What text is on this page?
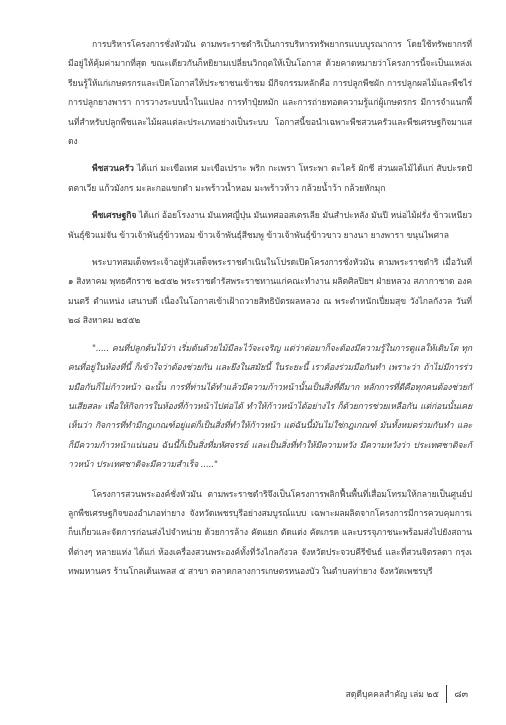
การบริหารโครงการชั่งหัวมัน ตามพระราชดำริเป็นการบริหารทรัพยากรแบบบูรณาการ โดยใช้ทรัพยากรที่มีอยู่ให้คุ้มค่ามากที่สุด ขณะเดียวกันก็หยิยามเปลี่ยนวิกฤตให้เป็นโอกาส ด้วยคาดหมายว่าโครงการนี้จะเป็นแหล่งเรียนรู้ให้แก่เกษตรกรและเปิดโอกาสให้ประชาชนเข้าชม มีกิจกรรมหลักคือ การปลูกพืชผัก การปลูกผลไม้และพืชไร่ การปลูกยางพารา การวางระบบน้ำในแปลง การทำปุ๋ยหมัก และการถ่ายทอดความรู้แก่ผู้เกษตรกร มีการจำแนกพื้นที่สำหรับปลูกพืชและไม้ผลแต่ละประเภทอย่างเป็นระบบ โอกาสนี้ขอนำเฉพาะพืชสวนครัวและพืชเศรษฐกิจมาแสดง

พืชสวนครัว ได้แก่ มะเขือเทศ มะเขือเปราะ พริก กะเพรา โหระพา ตะไคร้ ผักชี ส่วนผลไม้ได้แก่ สับปะรดปัตตาเวีย แก้วมังกร มะละกอแขกดำ มะพร้าวน้ำหอม มะพร้าวห้าว กล้วยน้ำว้า กล้วยหักมุก

พืชเศรษฐกิจ ได้แก่ อ้อยโรงงาน มันเทศญี่ปุ่น มันเทศออสเตรเลีย มันสำปะหลัง มันปี หน่อไม้ฝรั่ง ข้าวเหนียวพันธุ์ซิวแม่จัน ข้าวเจ้าพันธุ์ข้าวหอม ข้าวเจ้าพันธุ์สีชมพู ข้าวเจ้าพันธุ์ข้าวขาว ยางนา ยางพารา ขนุนไพศาล

พระบาทสมเด็จพระเจ้าอยู่หัวเสด็จพระราชดำเนินในโปรดเปิดโครงการชั่งหัวมัน ตามพระราชดำริ เมื่อวันที่ ๑ สิงหาคม พุทธศักราช ๒๕๕๒ พระราชดำรัสพระราชทานแก่คณะทำงาน ผลิตศิลปิยฯ ฝ่ายหลวง สภากาชาด องคมนตรี ตำแหน่ง เสนาบดี เนื่องในโอกาสเข้าเฝ้าถวายสิทธิบัตรผลหลวง ณ พระตำหนักเปี่ยมสุข วังไกลกังวล วันที่ ๒๘ สิงหาคม ๒๕๕๒

"..... คนที่ปลูกต้นไม้ว่า เริ่มต้นด้วยไม้มีละไว้จะเจริญ แต่ว่าต่อมาก็จะต้องมีความรู้ในการดูแลให้เติบโต ทุกคนที่อยู่ในห้องที่นี้ ก็เข้าใจว่าต้องช่วยกัน และยึงในสมัยนี้ ในระยะนี้ เราต้องร่วมมือกันทำ เพราะว่า ถ้าไม่มีการร่วมมือกันก็ไม่ก้าวหน้า ฉะนั้น การที่ท่านได้ทำแล้วมีความก้าวหน้านั้นเป็นสิ่งที่ดีมาก หลักการที่ดีคือทุกคนต้องช่วยกันเสียสละ เพื่อให้กิจการในห้องที่ก้าวหน้าไปต่อได้ ทำให้ก้าวหน้าได้อย่างไร ก็ด้วยการช่วยเหลือกัน แต่ก่อนนั้นเคยเห็นว่า กิจการที่ทำมีกฎเกณฑ์อยู่แต่ก็เป็นสิ่งที่ทำให้ก้าวหน้า แต่ฉันนี้มันไม่ใช่กฎเกณฑ์ มันทั้งหมดร่วมกันทำ และก็มีความก้าวหน้าแน่นอน ฉันนี้ก็เป็นสิ่งที่มหัศจรรย์ และเป็นสิ่งที่ทำให้มีความหวัง มีความหวังว่า ประเทศชาติจะก้าวหน้า ประเทศชาติจะมีความสำเร็จ ....."

โครงการสวนพระองค์ชั่งหัวมัน ตามพระราชดำริจึงเป็นโครงการพลิกฟื้นพื้นที่เสื่อมโทรมให้กลายเป็นศูนย์ปลูกพืชเศรษฐกิจของอำเภอท่ายาง จังหวัดเพชรบุรีอย่างสมบูรณ์แบบ เฉพาะผลผลิตจากโครงการมีการควบคุมการเก็บเกี่ยวและจัดการก่อนส่งไปจำหน่าย ด้วยการล้าง คัดแยก ตัดแต่ง คัดเกรด และบรรจุภาชนะพร้อมส่งไปยังสถานที่ต่างๆ หลายแห่ง ได้แก่ ห้องเครื่องสวนพระองค์ทั้งที่วังไกลกังวล จังหวัดประจวบคีรีขันธ์ และที่สวนจิตรลดา กรุงเทพมหานคร ร้านโกลเด้นเพลส ๕ สาขา ตลาดกลางการเกษตรหนองบัว ในตำบลท่ายาง จังหวัดเพชรบุรี

สดุดีบุคคลสำคัญ เล่ม ๒๕ ๘๓
